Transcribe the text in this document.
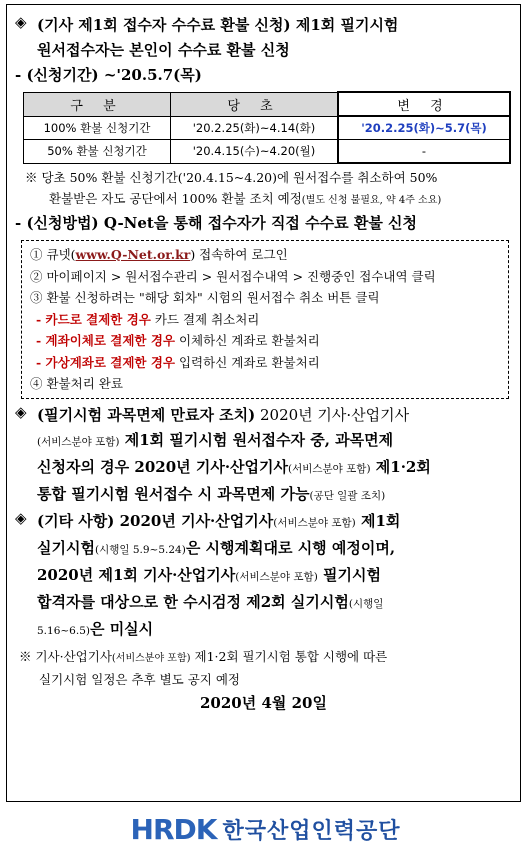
◈ (기사 제1회 접수자 수수료 환불 신청) 제1회 필기시험

원서접수자는 본인이 수수료 환불 신청

- (신청기간) ~'20.5.7(목)

구 분	당 초	변 경
100% 환불 신청기간	'20.2.25(화)~4.14(화)	'20.2.25(화)~5.7(목)
50% 환불 신청기간	'20.4.15(수)~4.20(월)	-

※ 당초 50% 환불 신청기간('20.4.15~4.20)에 원서접수를 취소하여 50%

환불받은 자도 공단에서 100% 환불 조치 예정(별도 신청 불필요, 약 4주 소요)

- (신청방법) Q-Net을 통해 접수자가 직접 수수료 환불 신청

① 큐넷(www.Q-Net.or.kr) 접속하여 로그인

② 마이페이지 > 원서접수관리 > 원서접수내역 > 진행중인 접수내역 클릭

③ 환불 신청하려는 "해당 회차" 시험의 원서접수 취소 버튼 클릭

- 카드로 결제한 경우 카드 결제 취소처리

- 계좌이체로 결제한 경우 이체하신 계좌로 환불처리

- 가상계좌로 결제한 경우 입력하신 계좌로 환불처리

④ 환불처리 완료

◈ (필기시험 과목면제 만료자 조치) 2020년 기사·산업기사

(서비스분야 포함) 제1회 필기시험 원서접수자 중, 과목면제

신청자의 경우 2020년 기사·산업기사(서비스분야 포함) 제1·2회

통합 필기시험 원서접수 시 과목면제 가능(공단 일괄 조치)

◈ (기타 사항) 2020년 기사·산업기사(서비스분야 포함) 제1회

실기시험(시행일 5.9~5.24)은 시행계획대로 시행 예정이며,

2020년 제1회 기사·산업기사(서비스분야 포함) 필기시험

합격자를 대상으로 한 수시검정 제2회 실기시험(시행일

5.16~6.5)은 미실시

※ 기사·산업기사(서비스분야 포함) 제1·2회 필기시험 통합 시행에 따른

실기시험 일정은 추후 별도 공지 예정

2020년 4월 20일

HRDK 한국산업인력공단
